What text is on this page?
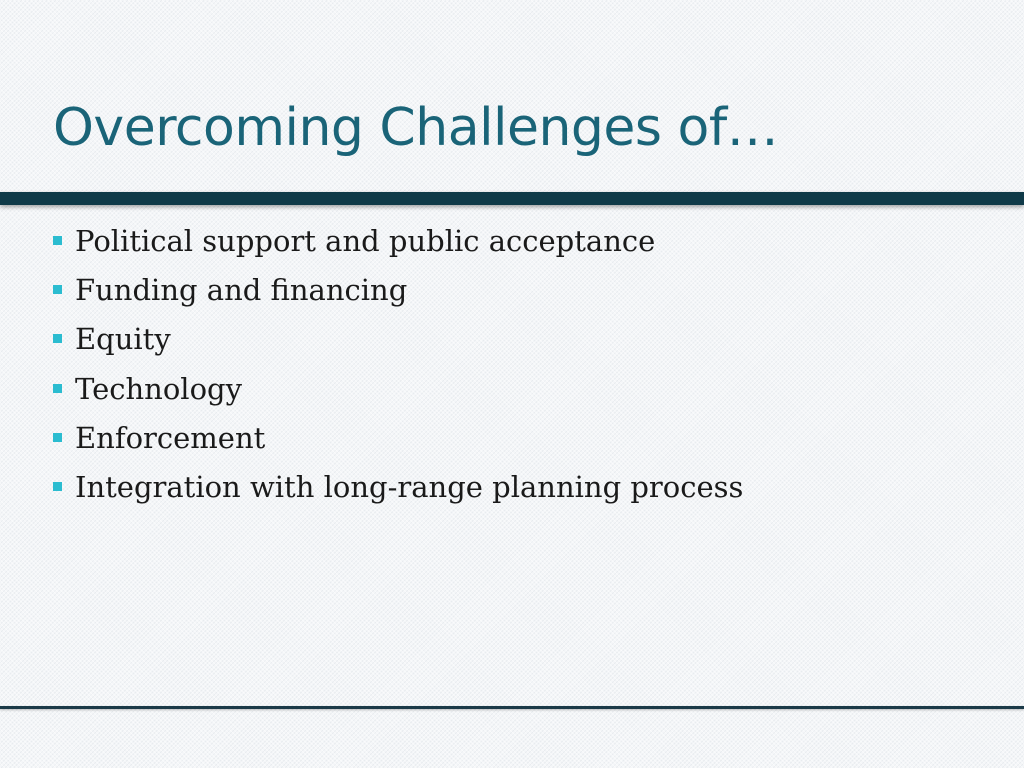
Overcoming Challenges of…
Political support and public acceptance
Funding and financing
Equity
Technology
Enforcement
Integration with long-range planning process
